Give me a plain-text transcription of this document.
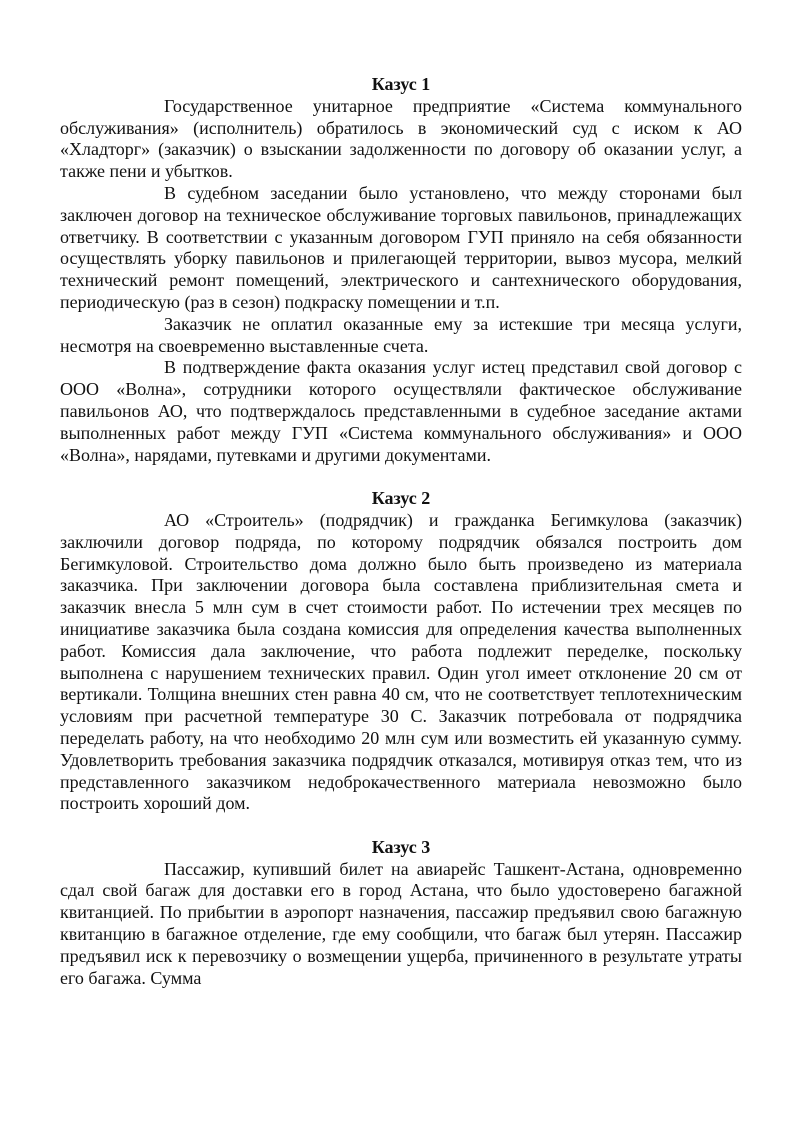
Казус 1

Государственное унитарное предприятие «Система коммунального обслуживания» (исполнитель) обратилось в экономический суд с иском к АО «Хладторг» (заказчик) о взыскании задолженности по договору об оказании услуг, а также пени и убытков.

В судебном заседании было установлено, что между сторонами был заключен договор на техническое обслуживание торговых павильонов, принадлежащих ответчику. В соответствии с указанным договором ГУП приняло на себя обязанности осуществлять уборку павильонов и прилегающей территории, вывоз мусора, мелкий технический ремонт помещений, электрического и сантехнического оборудования, периодическую (раз в сезон) подкраску помещении и т.п.

Заказчик не оплатил оказанные ему за истекшие три месяца услуги, несмотря на своевременно выставленные счета.

В подтверждение факта оказания услуг истец представил свой договор с ООО «Волна», сотрудники которого осуществляли фактическое обслуживание павильонов АО, что подтверждалось представленными в судебное заседание актами выполненных работ между ГУП «Система коммунального обслуживания» и ООО «Волна», нарядами, путевками и другими документами.

Казус 2

АО «Строитель» (подрядчик) и гражданка Бегимкулова (заказчик) заключили договор подряда, по которому подрядчик обязался построить дом Бегимкуловой. Строительство дома должно было быть произведено из материала заказчика. При заключении договора была составлена приблизительная смета и заказчик внесла 5 млн сум в счет стоимости работ. По истечении трех месяцев по инициативе заказчика была создана комиссия для определения качества выполненных работ. Комиссия дала заключение, что работа подлежит переделке, поскольку выполнена с нарушением технических правил. Один угол имеет отклонение 20 см от вертикали. Толщина внешних стен равна 40 см, что не соответствует теплотехническим условиям при расчетной температуре 30 С. Заказчик потребовала от подрядчика переделать работу, на что необходимо 20 млн сум или возместить ей указанную сумму. Удовлетворить требования заказчика подрядчик отказался, мотивируя отказ тем, что из представленного заказчиком недоброкачественного материала невозможно было построить хороший дом.

Казус 3

Пассажир, купивший билет на авиарейс Ташкент-Астана, одновременно сдал свой багаж для доставки его в город Астана, что было удостоверено багажной квитанцией. По прибытии в аэропорт назначения, пассажир предъявил свою багажную квитанцию в багажное отделение, где ему сообщили, что багаж был утерян. Пассажир предъявил иск к перевозчику о возмещении ущерба, причиненного в результате утраты его багажа. Сумма
